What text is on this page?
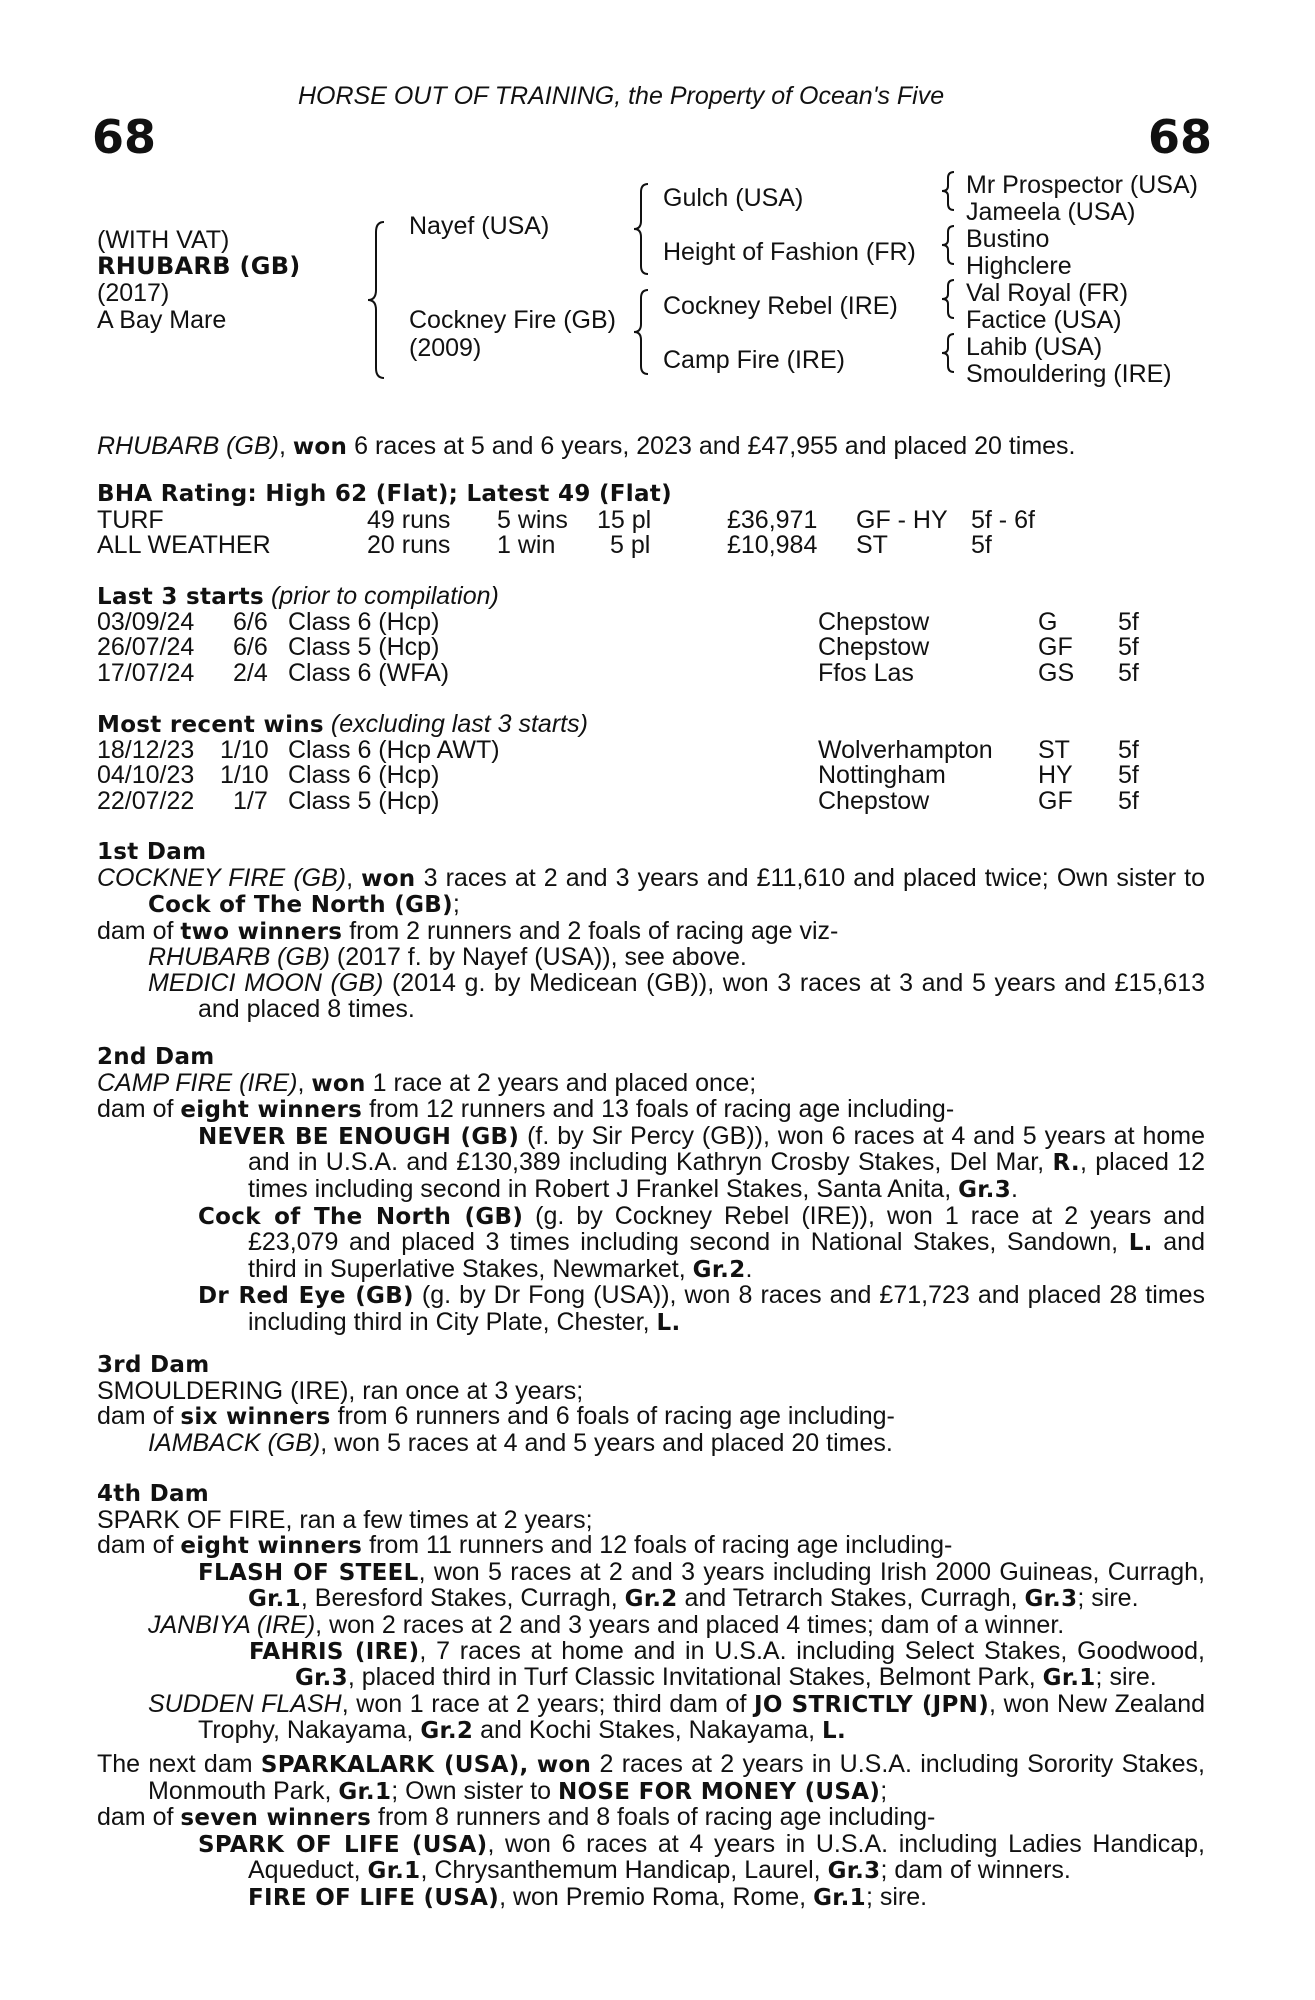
HORSE OUT OF TRAINING, the Property of Ocean's Five
68	68
(WITH VAT)
RHUBARB (GB)
(2017)
A Bay Mare
Nayef (USA)
Cockney Fire (GB)
(2009)
Gulch (USA)
Height of Fashion (FR)
Cockney Rebel (IRE)
Camp Fire (IRE)
Mr Prospector (USA)
Jameela (USA)
Bustino
Highclere
Val Royal (FR)
Factice (USA)
Lahib (USA)
Smouldering (IRE)
RHUBARB (GB), won 6 races at 5 and 6 years, 2023 and £47,955 and placed 20 times.
BHA Rating: High 62 (Flat); Latest 49 (Flat)
TURF	49 runs 5 wins 15 pl	£36,971 GF - HY 5f - 6f
ALL WEATHER	20 runs 1 win 5 pl	£10,984 ST	5f
Last 3 starts (prior to compilation)
03/09/24 6/6 Class 6 (Hcp)	Chepstow	G 5f
26/07/24 6/6 Class 5 (Hcp)	Chepstow	GF 5f
17/07/24 2/4 Class 6 (WFA)	Ffos Las	GS 5f
Most recent wins (excluding last 3 starts)
18/12/23 1/10 Class 6 (Hcp AWT)	Wolverhampton ST 5f
04/10/23 1/10 Class 6 (Hcp)	Nottingham	HY 5f
22/07/22 1/7 Class 5 (Hcp)	Chepstow	GF 5f
1st Dam
COCKNEY FIRE (GB), won 3 races at 2 and 3 years and £11,610 and placed twice; Own sister to Cock of The North (GB);
dam of two winners from 2 runners and 2 foals of racing age viz-
RHUBARB (GB) (2017 f. by Nayef (USA)), see above.
MEDICI MOON (GB) (2014 g. by Medicean (GB)), won 3 races at 3 and 5 years and £15,613 and placed 8 times.
2nd Dam
CAMP FIRE (IRE), won 1 race at 2 years and placed once;
dam of eight winners from 12 runners and 13 foals of racing age including-
NEVER BE ENOUGH (GB) (f. by Sir Percy (GB)), won 6 races at 4 and 5 years at home and in U.S.A. and £130,389 including Kathryn Crosby Stakes, Del Mar, R., placed 12 times including second in Robert J Frankel Stakes, Santa Anita, Gr.3.
Cock of The North (GB) (g. by Cockney Rebel (IRE)), won 1 race at 2 years and £23,079 and placed 3 times including second in National Stakes, Sandown, L. and third in Superlative Stakes, Newmarket, Gr.2.
Dr Red Eye (GB) (g. by Dr Fong (USA)), won 8 races and £71,723 and placed 28 times including third in City Plate, Chester, L.
3rd Dam
SMOULDERING (IRE), ran once at 3 years;
dam of six winners from 6 runners and 6 foals of racing age including-
IAMBACK (GB), won 5 races at 4 and 5 years and placed 20 times.
4th Dam
SPARK OF FIRE, ran a few times at 2 years;
dam of eight winners from 11 runners and 12 foals of racing age including-
FLASH OF STEEL, won 5 races at 2 and 3 years including Irish 2000 Guineas, Curragh, Gr.1, Beresford Stakes, Curragh, Gr.2 and Tetrarch Stakes, Curragh, Gr.3; sire.
JANBIYA (IRE), won 2 races at 2 and 3 years and placed 4 times; dam of a winner.
FAHRIS (IRE), 7 races at home and in U.S.A. including Select Stakes, Goodwood, Gr.3, placed third in Turf Classic Invitational Stakes, Belmont Park, Gr.1; sire.
SUDDEN FLASH, won 1 race at 2 years; third dam of JO STRICTLY (JPN), won New Zealand Trophy, Nakayama, Gr.2 and Kochi Stakes, Nakayama, L.
The next dam SPARKALARK (USA), won 2 races at 2 years in U.S.A. including Sorority Stakes, Monmouth Park, Gr.1; Own sister to NOSE FOR MONEY (USA);
dam of seven winners from 8 runners and 8 foals of racing age including-
SPARK OF LIFE (USA), won 6 races at 4 years in U.S.A. including Ladies Handicap, Aqueduct, Gr.1, Chrysanthemum Handicap, Laurel, Gr.3; dam of winners.
FIRE OF LIFE (USA), won Premio Roma, Rome, Gr.1; sire.
